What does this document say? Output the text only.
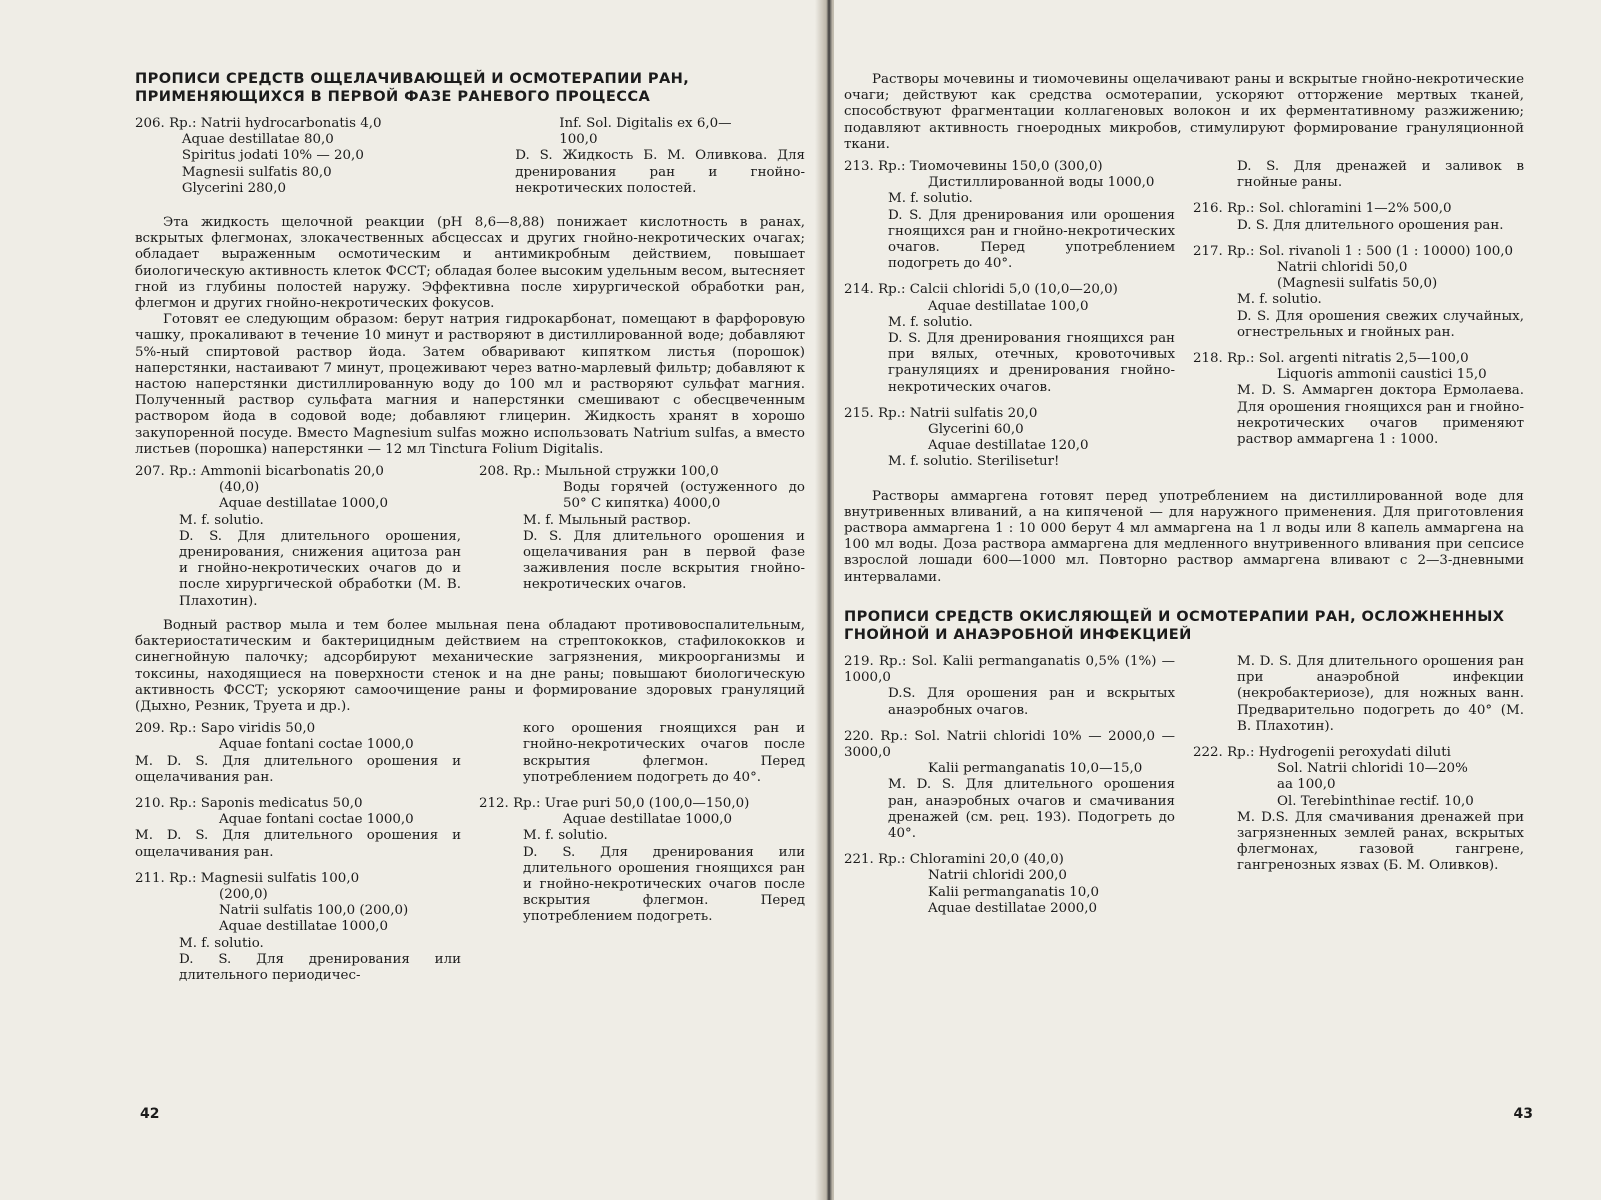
ПРОПИСИ СРЕДСТВ ОЩЕЛАЧИВАЮЩЕЙ И ОСМОТЕРАПИИ РАН, ПРИМЕНЯЮЩИХСЯ В ПЕРВОЙ ФАЗЕ РАНЕВОГО ПРОЦЕССА
206. Rp.: Natrii hydrocarbonatis 4,0
Aquae destillatae 80,0
Spiritus jodati 10% — 20,0
Magnesii sulfatis 80,0
Glycerini 280,0
Inf. Sol. Digitalis ex 6,0—
100,0
D. S. Жидкость Б. М. Оливкова. Для дренирования ран и гнойно-некротических полостей.

Эта жидкость щелочной реакции (pH 8,6—8,88) понижает кислотность в ранах, вскрытых флегмонах, злокачественных абсцессах и других гнойно-некротических очагах; обладает выраженным осмотическим и антимикробным действием, повышает биологическую активность клеток ФССТ; обладая более высоким удельным весом, вытесняет гной из глубины полостей наружу. Эффективна после хирургической обработки ран, флегмон и других гнойно-некротических фокусов.

Готовят ее следующим образом: берут натрия гидрокарбонат, помещают в фарфоровую чашку, прокаливают в течение 10 минут и растворяют в дистиллированной воде; добавляют 5%-ный спиртовой раствор йода. Затем обваривают кипятком листья (порошок) наперстянки, настаивают 7 минут, процеживают через ватно-марлевый фильтр; добавляют к настою наперстянки дистиллированную воду до 100 мл и растворяют сульфат магния. Полученный раствор сульфата магния и наперстянки смешивают с обесцвеченным раствором йода в содовой воде; добавляют глицерин. Жидкость хранят в хорошо закупоренной посуде. Вместо Magnesium sulfas можно использовать Natrium sulfas, а вместо листьев (порошка) наперстянки — 12 мл Tinctura Folium Digitalis.

207. Rp.: Ammonii bicarbonatis 20,0
(40,0)
Aquae destillatae 1000,0
M. f. solutio.
D. S. Для длительного орошения, дренирования, снижения ацитоза ран и гнойно-некротических очагов до и после хирургической обработки (М. В. Плахотин).
208. Rp.: Мыльной стружки 100,0
Воды горячей (остуженного до 50° С кипятка) 4000,0
M. f. Мыльный раствор.
D. S. Для длительного орошения и ощелачивания ран в первой фазе заживления после вскрытия гнойно-некротических очагов.

Водный раствор мыла и тем более мыльная пена обладают противовоспалительным, бактериостатическим и бактерицидным действием на стрептококков, стафилококков и синегнойную палочку; адсорбируют механические загрязнения, микроорганизмы и токсины, находящиеся на поверхности стенок и на дне раны; повышают биологическую активность ФССТ; ускоряют самоочищение раны и формирование здоровых грануляций (Дыхно, Резник, Труета и др.).

209. Rp.: Sapo viridis 50,0
Aquae fontani coctae 1000,0
M. D. S. Для длительного орошения и ощелачивания ран.
210. Rp.: Saponis medicatus 50,0
Aquae fontani coctae 1000,0
M. D. S. Для длительного орошения и ощелачивания ран.
211. Rp.: Magnesii sulfatis 100,0
(200,0)
Natrii sulfatis 100,0 (200,0)
Aquae destillatae 1000,0
M. f. solutio.
D. S. Для дренирования или длительного периодичес-
кого орошения гноящихся ран и гнойно-некротических очагов после вскрытия флегмон. Перед употреблением подогреть до 40°.
212. Rp.: Urae puri 50,0 (100,0—150,0)
Aquae destillatae 1000,0
M. f. solutio.
D. S. Для дренирования или длительного орошения гноящихся ран и гнойно-некротических очагов после вскрытия флегмон. Перед употреблением подогреть.
42

Растворы мочевины и тиомочевины ощелачивают раны и вскрытые гнойно-некротические очаги; действуют как средства осмотерапии, ускоряют отторжение мертвых тканей, способствуют фрагментации коллагеновых волокон и их ферментативному разжижению; подавляют активность гноеродных микробов, стимулируют формирование грануляционной ткани.

213. Rp.: Тиомочевины 150,0 (300,0)
Дистиллированной воды 1000,0
M. f. solutio.
D. S. Для дренирования или орошения гноящихся ран и гнойно-некротических очагов. Перед употреблением подогреть до 40°.
214. Rp.: Calcii chloridi 5,0 (10,0—20,0)
Aquae destillatae 100,0
M. f. solutio.
D. S. Для дренирования гноящихся ран при вялых, отечных, кровоточивых грануляциях и дренирования гнойно-некротических очагов.
215. Rp.: Natrii sulfatis 20,0
Glycerini 60,0
Aquae destillatae 120,0
M. f. solutio. Sterilisetur!
D. S. Для дренажей и заливок в гнойные раны.
216. Rp.: Sol. chloramini 1—2% 500,0
D. S. Для длительного орошения ран.
217. Rp.: Sol. rivanoli 1 : 500 (1 : 10000) 100,0
Natrii chloridi 50,0
(Magnesii sulfatis 50,0)
M. f. solutio.
D. S. Для орошения свежих случайных, огнестрельных и гнойных ран.
218. Rp.: Sol. argenti nitratis 2,5—100,0
Liquoris ammonii caustici 15,0
M. D. S. Аммарген доктора Ермолаева. Для орошения гноящихся ран и гнойно-некротических очагов применяют раствор аммаргена 1 : 1000.

Растворы аммаргена готовят перед употреблением на дистиллированной воде для внутривенных вливаний, а на кипяченой — для наружного применения. Для приготовления раствора аммаргена 1 : 10 000 берут 4 мл аммаргена на 1 л воды или 8 капель аммаргена на 100 мл воды. Доза раствора аммаргена для медленного внутривенного вливания при сепсисе взрослой лошади 600—1000 мл. Повторно раствор аммаргена вливают с 2—3-дневными интервалами.

ПРОПИСИ СРЕДСТВ ОКИСЛЯЮЩЕЙ И ОСМОТЕРАПИИ РАН, ОСЛОЖНЕННЫХ ГНОЙНОЙ И АНАЭРОБНОЙ ИНФЕКЦИЕЙ
219. Rp.: Sol. Kalii permanganatis 0,5% (1%) — 1000,0
D.S. Для орошения ран и вскрытых анаэробных очагов.
220. Rp.: Sol. Natrii chloridi 10% — 2000,0 — 3000,0
Kalii permanganatis 10,0—15,0
M. D. S. Для длительного орошения ран, анаэробных очагов и смачивания дренажей (см. рец. 193). Подогреть до 40°.
221. Rp.: Chloramini 20,0 (40,0)
Natrii chloridi 200,0
Kalii permanganatis 10,0
Aquae destillatae 2000,0
M. D. S. Для длительного орошения ран при анаэробной инфекции (некробактериозе), для ножных ванн. Предварительно подогреть до 40° (М. В. Плахотин).
222. Rp.: Hydrogenii peroxydati diluti
Sol. Natrii chloridi 10—20%
aa 100,0
Ol. Terebinthinae rectif. 10,0
M. D.S. Для смачивания дренажей при загрязненных землей ранах, вскрытых флегмонах, газовой гангрене, гангренозных язвах (Б. М. Оливков).
43
